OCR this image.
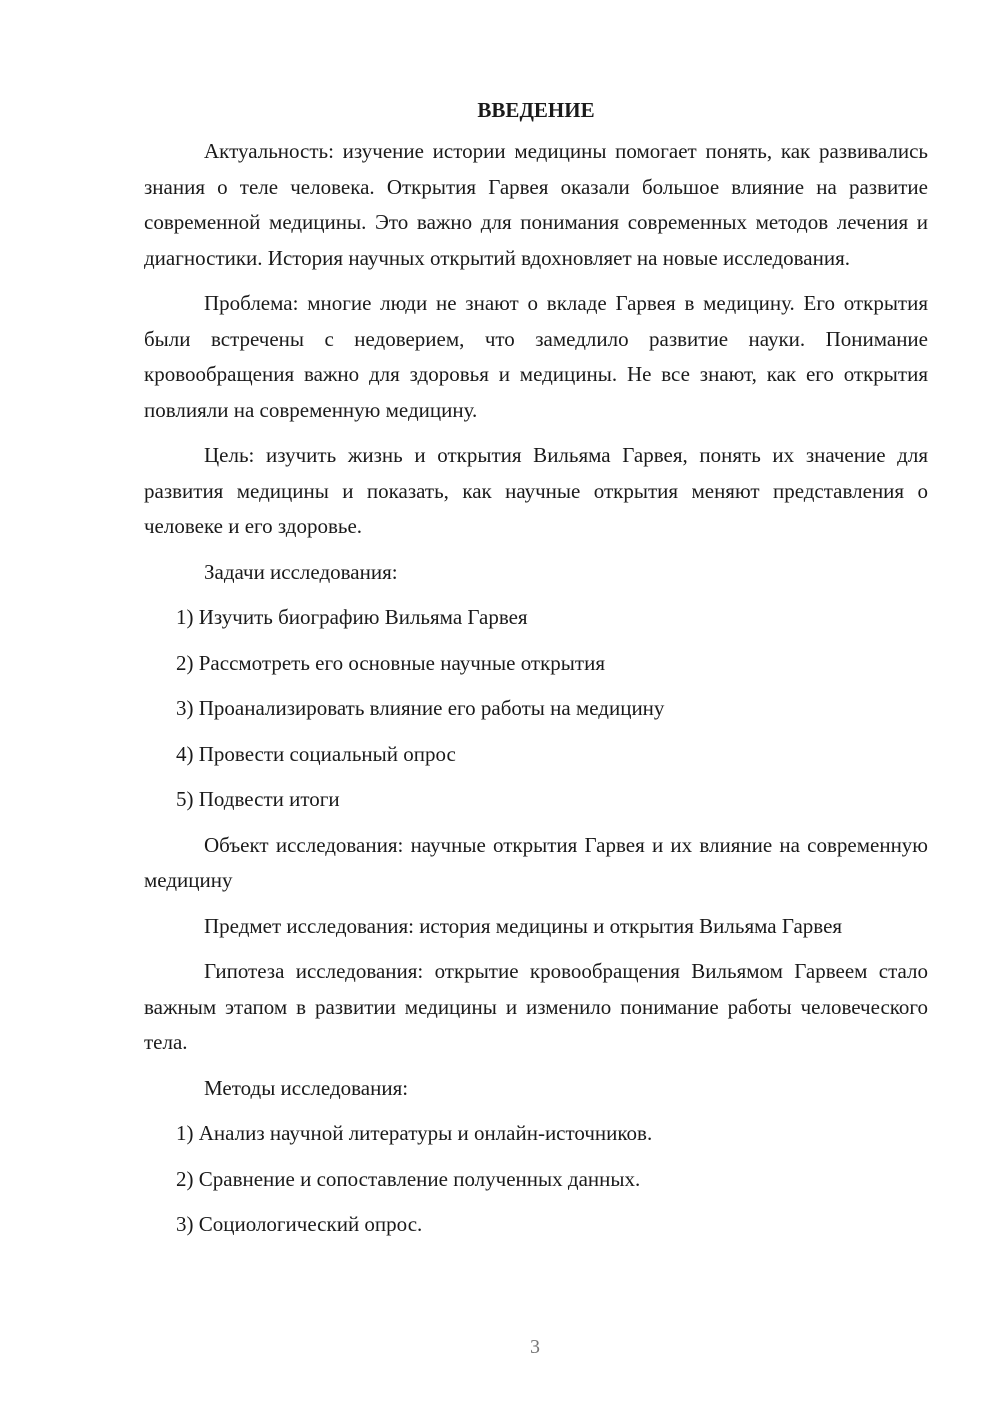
ВВЕДЕНИЕ

Актуальность: изучение истории медицины помогает понять, как развивались знания о теле человека. Открытия Гарвея оказали большое влияние на развитие современной медицины. Это важно для понимания современных методов лечения и диагностики. История научных открытий вдохновляет на новые исследования.

Проблема: многие люди не знают о вкладе Гарвея в медицину. Его открытия были встречены с недоверием, что замедлило развитие науки. Понимание кровообращения важно для здоровья и медицины. Не все знают, как его открытия повлияли на современную медицину.

Цель: изучить жизнь и открытия Вильяма Гарвея, понять их значение для развития медицины и показать, как научные открытия меняют представления о человеке и его здоровье.

Задачи исследования:

1) Изучить биографию Вильяма Гарвея
2) Рассмотреть его основные научные открытия
3) Проанализировать влияние его работы на медицину
4) Провести социальный опрос
5) Подвести итоги

Объект исследования: научные открытия Гарвея и их влияние на современную медицину

Предмет исследования: история медицины и открытия Вильяма Гарвея

Гипотеза исследования: открытие кровообращения Вильямом Гарвеем стало важным этапом в развитии медицины и изменило понимание работы человеческого тела.

Методы исследования:

1) Анализ научной литературы и онлайн-источников.
2) Сравнение и сопоставление полученных данных.
3) Социологический опрос.
3
